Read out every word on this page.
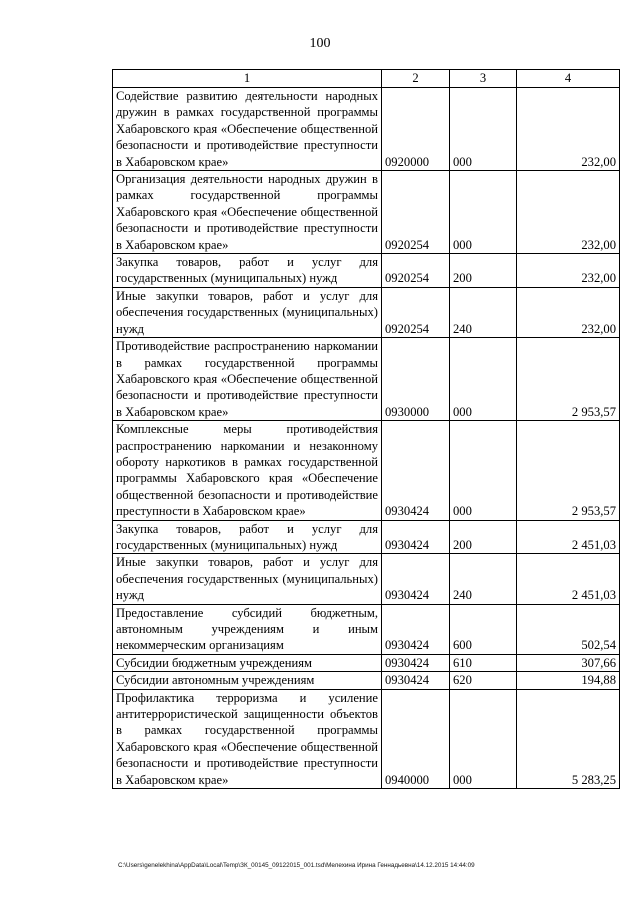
100
1	2	3	4
Содействие развитию деятельности народных дружин в рамках государственной программы Хабаровского края «Обеспечение общественной безопасности и противодействие преступности в Хабаровском крае»	0920000	000	232,00
Организация деятельности народных дружин в рамках государственной программы Хабаровского края «Обеспечение общественной безопасности и противодействие преступности в Хабаровском крае»	0920254	000	232,00
Закупка товаров, работ и услуг для государственных (муниципальных) нужд	0920254	200	232,00
Иные закупки товаров, работ и услуг для обеспечения государственных (муниципальных) нужд	0920254	240	232,00
Противодействие распространению наркомании в рамках государственной программы Хабаровского края «Обеспечение общественной безопасности и противодействие преступности в Хабаровском крае»	0930000	000	2 953,57
Комплексные меры противодействия распространению наркомании и незаконному обороту наркотиков в рамках государственной программы Хабаровского края «Обеспечение общественной безопасности и противодействие преступности в Хабаровском крае»	0930424	000	2 953,57
Закупка товаров, работ и услуг для государственных (муниципальных) нужд	0930424	200	2 451,03
Иные закупки товаров, работ и услуг для обеспечения государственных (муниципальных) нужд	0930424	240	2 451,03
Предоставление субсидий бюджетным, автономным учреждениям и иным некоммерческим организациям	0930424	600	502,54
Субсидии бюджетным учреждениям	0930424	610	307,66
Субсидии автономным учреждениям	0930424	620	194,88
Профилактика терроризма и усиление антитеррористической защищенности объектов в рамках государственной программы Хабаровского края «Обеспечение общественной безопасности и противодействие преступности в Хабаровском крае»	0940000	000	5 283,25
C:\Users\genelekhina\AppData\Local\Temp\ЗК_00145_09122015_001.tsd\Мелехина Ирина Геннадьевна\14.12.2015 14:44:09
